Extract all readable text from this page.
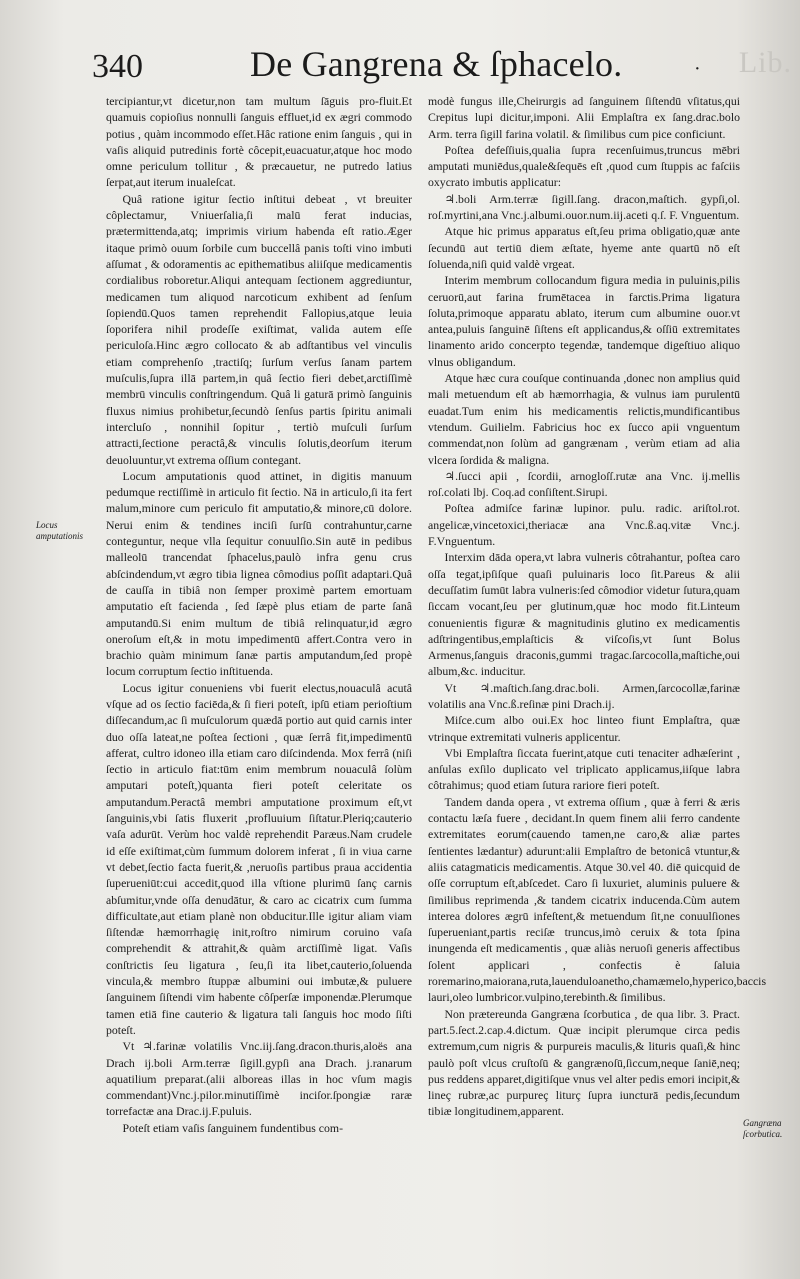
Lib.
340	De Gangrena & ſphacelo.	·
Locus amputationis
Gangræna ſcorbutica.

tercipiantur,vt dicetur,non tam multum ſāguis pro-fluit.Et quamuis copioſius nonnulli ſanguis effluet,id ex ægri commodo potius , quàm incommodo eſſet.Hâc ratione enim ſanguis , qui in vaſis aliquid putredinis fortè côcepit,euacuatur,atque hoc modo omne periculum tollitur , & præcauetur, ne putredo latius ſerpat,aut iterum inualeſcat.

Quâ ratione igitur ſectio inſtitui debeat , vt breuiter côplectamur, Vniuerſalia,ſi malū ferat inducias, prætermittenda,atq; imprimis virium habenda eſt ratio.Æger itaque primò ouum ſorbile cum buccellâ panis toſti vino imbuti aſſumat , & odoramentis ac epithematibus aliiſque medicamentis cordialibus roboretur.Aliqui antequam ſectionem aggrediuntur, medicamen tum aliquod narcoticum exhibent ad ſenſum ſopiendū.Quos tamen reprehendit Fallopius,atque leuia ſoporifera nihil prodeſſe exiſtimat, valida autem eſſe periculoſa.Hinc ægro collocato & ab adſtantibus vel vinculis etiam comprehenſo ,tractiſq; ſurſum verſus ſanam partem muſculis,ſupra illā partem,in quâ ſectio fieri debet,arctiſſimè membrū vinculis conſtringendum. Quâ li gaturā primò ſanguinis fluxus nimius prohibetur,ſecundò ſenſus partis ſpiritu animali intercluſo , nonnihil ſopitur , tertiò muſculi ſurſum attracti,ſectione peractâ,& vinculis ſolutis,deorſum iterum deuoluuntur,vt extrema oſſium contegant.

Locum amputationis quod attinet, in digitis manuum pedumque rectiſſimè in articulo fit ſectio. Nā in articulo,ſi ita fert malum,minore cum periculo fit amputatio,& minore,cū dolore. Nerui enim & tendines inciſi ſurſū contrahuntur,carne conteguntur, neque vlla ſequitur conuulſio.Sin autē in pedibus malleolū trancendat ſphacelus,paulò infra genu crus abſcindendum,vt ægro tibia lignea cômodius poſſit adaptari.Quâ de cauſſa in tibiâ non ſemper proximè partem emortuam amputatio eſt facienda , ſed ſæpè plus etiam de parte ſanâ amputandū.Si enim multum de tibiâ relinquatur,id ægro oneroſum eſt,& in motu impedimentū affert.Contra vero in brachio quàm minimum ſanæ partis amputandum,ſed propè locum corruptum ſectio inſtituenda.

Locus igitur conueniens vbi fuerit electus,nouaculâ acutâ vſque ad os ſectio faciēda,& ſi fieri poteſt, ipſū etiam perioſtium diſſecandum,ac ſi muſculorum quædā portio aut quid carnis inter duo oſſa lateat,ne poſtea ſectioni , quæ ſerrâ fit,impedimentū afferat, cultro idoneo illa etiam caro diſcindenda. Mox ferrâ (niſi ſectio in articulo fiat:tūm enim membrum nouaculâ ſolùm amputari poteſt,)quanta fieri poteſt celeritate os amputandum.Peractâ membri amputatione proximum eſt,vt ſanguinis,vbi ſatis fluxerit ,profluuium ſiſtatur.Pleriq;cauterio vaſa adurūt. Verùm hoc valdè reprehendit Paræus.Nam crudele id eſſe exiſtimat,cùm ſummum dolorem inferat , ſi in viua carne vt debet,ſectio facta fuerit,& ,neruoſis partibus praua accidentia ſuperueniūt:cui accedit,quod illa vſtione plurimū ſanç carnis abſumitur,vnde oſſa denudātur, & caro ac cicatrix cum ſumma difficultate,aut etiam planè non obducitur.Ille igitur aliam viam ſiſtendæ hæmorrhagię init,roſtro nimirum coruino vaſa comprehendit & attrahit,& quàm arctiſſimè ligat. Vaſis conſtrictis ſeu ligatura , ſeu,ſi ita libet,cauterio,ſoluenda vincula,& membro ſtuppæ albumini oui imbutæ,& puluere ſanguinem ſiſtendi vim habente côſperſæ imponendæ.Plerumque tamen etiā fine cauterio & ligatura tali ſanguis hoc modo ſiſti poteſt.

Vt ♃.farinæ volatilis Vnc.iij.ſang.dracon.thuris,aloës ana Drach ij.boli Arm.terræ ſigill.gypſi ana Drach. j.ranarum aquatilium preparat.(alii alboreas illas in hoc vſum magis commendant)Vnc.j.pilor.minutiſſimè inciſor.ſpongiæ raræ torrefactæ ana Drac.ij.F.puluis.

Poteſt etiam vaſis ſanguinem fundentibus com-

modè fungus ille,Cheirurgis ad ſanguinem ſiſtendū vſitatus,qui Crepitus lupi dicitur,imponi. Alii Emplaſtra ex ſang.drac.bolo Arm. terra ſigill farina volatil. & ſimilibus cum pice conficiunt.

Poſtea defeſſiuis,qualia ſupra recenſuimus,truncus mēbri amputati muniēdus,quale&ſequēs eſt ,quod cum ſtuppis ac faſciis oxycrato imbutis applicatur:

♃.boli Arm.terræ ſigill.ſang. dracon,maſtich. gypſi,ol. roſ.myrtini,ana Vnc.j.albumi.ouor.num.iij.aceti q.ſ. F. Vnguentum.

Atque hic primus apparatus eſt,ſeu prima obligatio,quæ ante ſecundū aut tertiū diem æſtate, hyeme ante quartū nō eſt ſoluenda,niſi quid valdè vrgeat.

Interim membrum collocandum figura media in puluinis,pilis ceruorū,aut farina frumētacea in farctis.Prima ligatura ſoluta,primoque apparatu ablato, iterum cum albumine ouor.vt antea,puluis ſanguinē ſiſtens eſt applicandus,& oſſiū extremitates linamento arido concerpto tegendæ, tandemque digeſtiuo aliquo vlnus obligandum.

Atque hæc cura couſque continuanda ,donec non amplius quid mali metuendum eſt ab hæmorrhagia, & vulnus iam purulentū euadat.Tum enim his medicamentis relictis,mundificantibus vtendum. Guilielm. Fabricius hoc ex ſucco apii vnguentum commendat,non ſolùm ad gangrænam , verùm etiam ad alia vlcera ſordida & maligna.

♃.ſucci apii , ſcordii, arnogloſſ.rutæ ana Vnc. ij.mellis roſ.colati lbj. Coq.ad conſiſtent.Sirupi.

Poſtea admiſce farinæ lupinor. pulu. radic. ariſtol.rot. angelicæ,vincetoxici,theriacæ ana Vnc.ß.aq.vitæ Vnc.j. F.Vnguentum.

Interxim dāda opera,vt labra vulneris côtrahantur, poſtea caro oſſa tegat,ipſiſque quaſi puluinaris loco ſit.Pareus & alii decuſſatim ſumūt labra vulneris:ſed cômodior videtur ſutura,quam ſiccam vocant,ſeu per glutinum,quæ hoc modo fit.Linteum conuenientis figuræ & magnitudinis glutino ex medicamentis adſtringentibus,emplaſticis & viſcoſis,vt ſunt Bolus Armenus,ſanguis draconis,gummi tragac.ſarcocolla,maſtiche,oui album,&c. inducitur.

Vt ♃.maſtich.ſang.drac.boli. Armen,ſarcocollæ,farinæ volatilis ana Vnc.ß.reſinæ pini Drach.ij.

Miſce.cum albo oui.Ex hoc linteo fiunt Emplaſtra, quæ vtrinque extremitati vulneris applicentur.

Vbi Emplaſtra ſiccata fuerint,atque cuti tenaciter adhæſerint , anſulas exſilo duplicato vel triplicato applicamus,iiſque labra côtrahimus; quod etiam ſutura rariore fieri poteſt.

Tandem danda opera , vt extrema oſſium , quæ à ferri & æris contactu læſa fuere , decidant.In quem finem alii ferro candente extremitates eorum(cauendo tamen,ne caro,& aliæ partes ſentientes lædantur) adurunt:alii Emplaſtro de betonicâ vtuntur,& aliis catagmaticis medicamentis. Atque 30.vel 40. diē quicquid de oſſe corruptum eſt,abſcedet. Caro ſi luxuriet, aluminis puluere & ſimilibus reprimenda ,& tandem cicatrix inducenda.Cùm autem interea dolores ægrū infeſtent,& metuendum ſit,ne conuulſiones ſuperueniant,partis reciſæ truncus,imò ceruix & tota ſpina inungenda eſt medicamentis , quæ aliàs neruoſi generis affectibus ſolent applicari , confectis è ſaluia roremarino,maiorana,ruta,lauenduloanetho,chamæmelo,hyperico,baccis lauri,oleo lumbricor.vulpino,terebinth.& ſimilibus.

Non prætereunda Gangræna ſcorbutica , de qua libr. 3. Pract. part.5.ſect.2.cap.4.dictum. Quæ incipit plerumque circa pedis extremum,cum nigris & purpureis maculis,& lituris quaſi,& hinc paulò poſt vlcus cruſtoſū & gangrænoſū,ſiccum,neque ſaniē,neq; pus reddens apparet,digitiſque vnus vel alter pedis emori incipit,& lineç rubræ,ac purpureç liturç ſupra iuncturā pedis,ſecundum tibiæ longitudinem,apparent.
